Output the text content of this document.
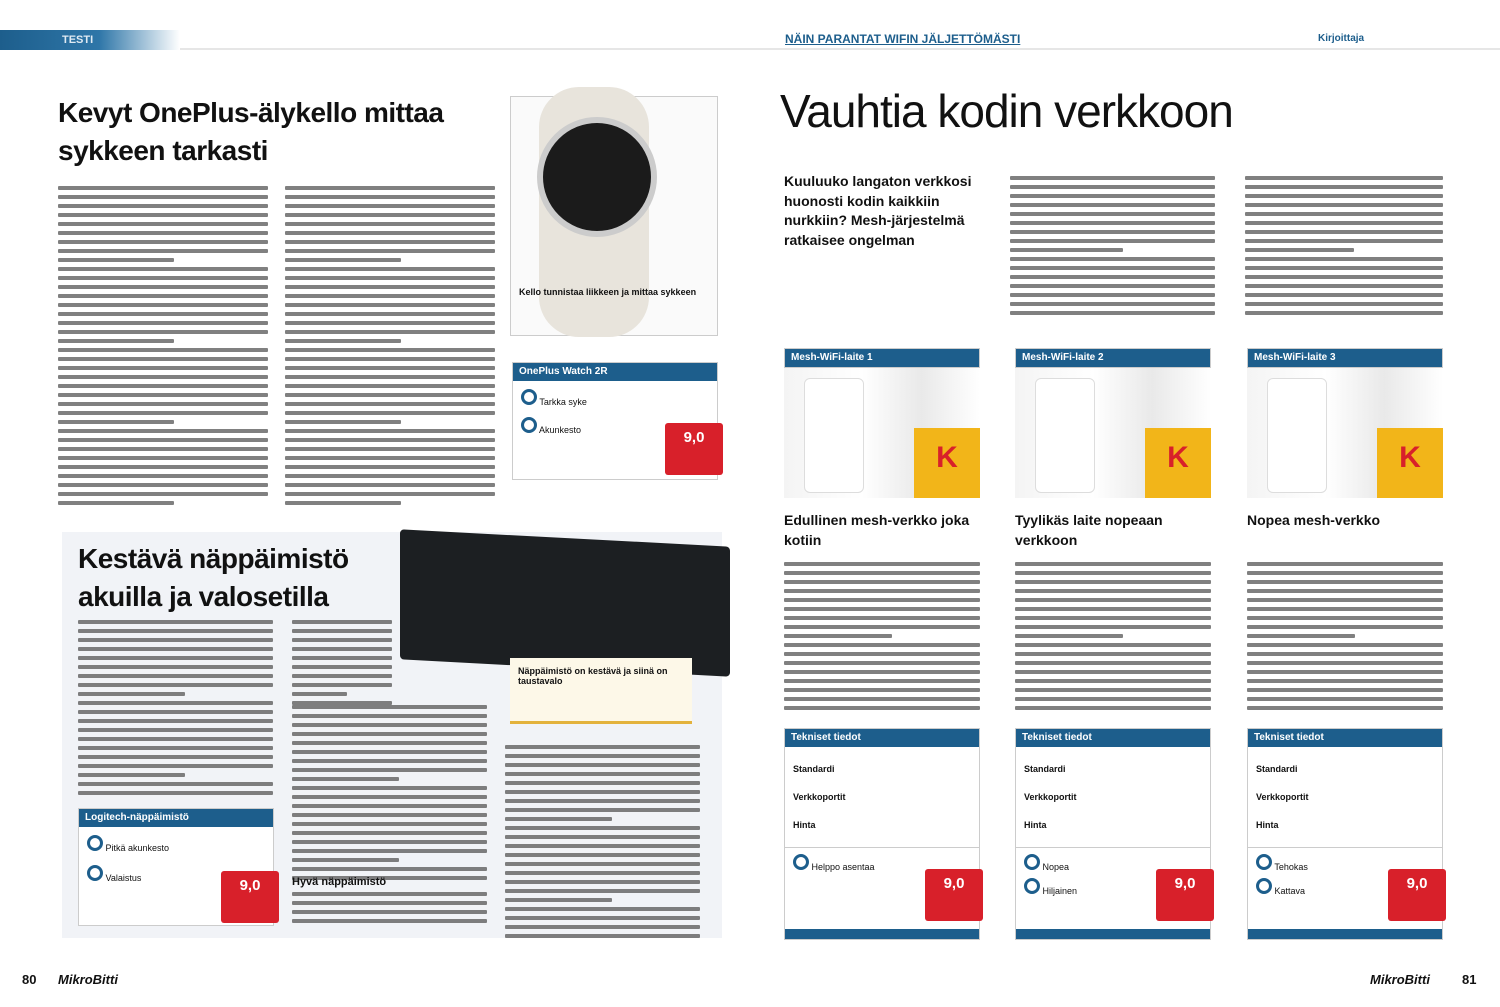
TESTI	NÄIN PARANTAT WIFIN JÄLJETTÖMÄSTI	Kirjoittaja
Kevyt OnePlus-älykello mittaa sykkeen tarkasti
Kello tunnistaa liikkeen ja mittaa sykkeen
OnePlus Watch 2R
Tarkka syke
Akunkesto	9,0
Kestävä näppäimistö akuilla ja valosetilla
Näppäimistö on kestävä ja siinä on taustavalo
Hyvä näppäimistö
Logitech-näppäimistö
Pitkä akunkesto
Valaistus	9,0
Vauhtia kodin verkkoon
Kuuluuko langaton verkkosi huonosti kodin kaikkiin nurkkiin? Mesh-järjestelmä ratkaisee ongelman
Mesh-WiFi-laite 1
K
Edullinen mesh-verkko joka kotiin
Tekniset tiedot
Standardi
Verkkoportit
Hinta
Helppo asentaa
9,0
Mesh-WiFi-laite 2
K
Tyylikäs laite nopeaan verkkoon
Tekniset tiedot
Standardi
Verkkoportit
Hinta
Nopea
Hiljainen	9,0
Mesh-WiFi-laite 3
K
Nopea mesh-verkko
Tekniset tiedot
Standardi
Verkkoportit
Hinta
Tehokas
Kattava	9,0
80 MikroBitti	MikroBitti 81
